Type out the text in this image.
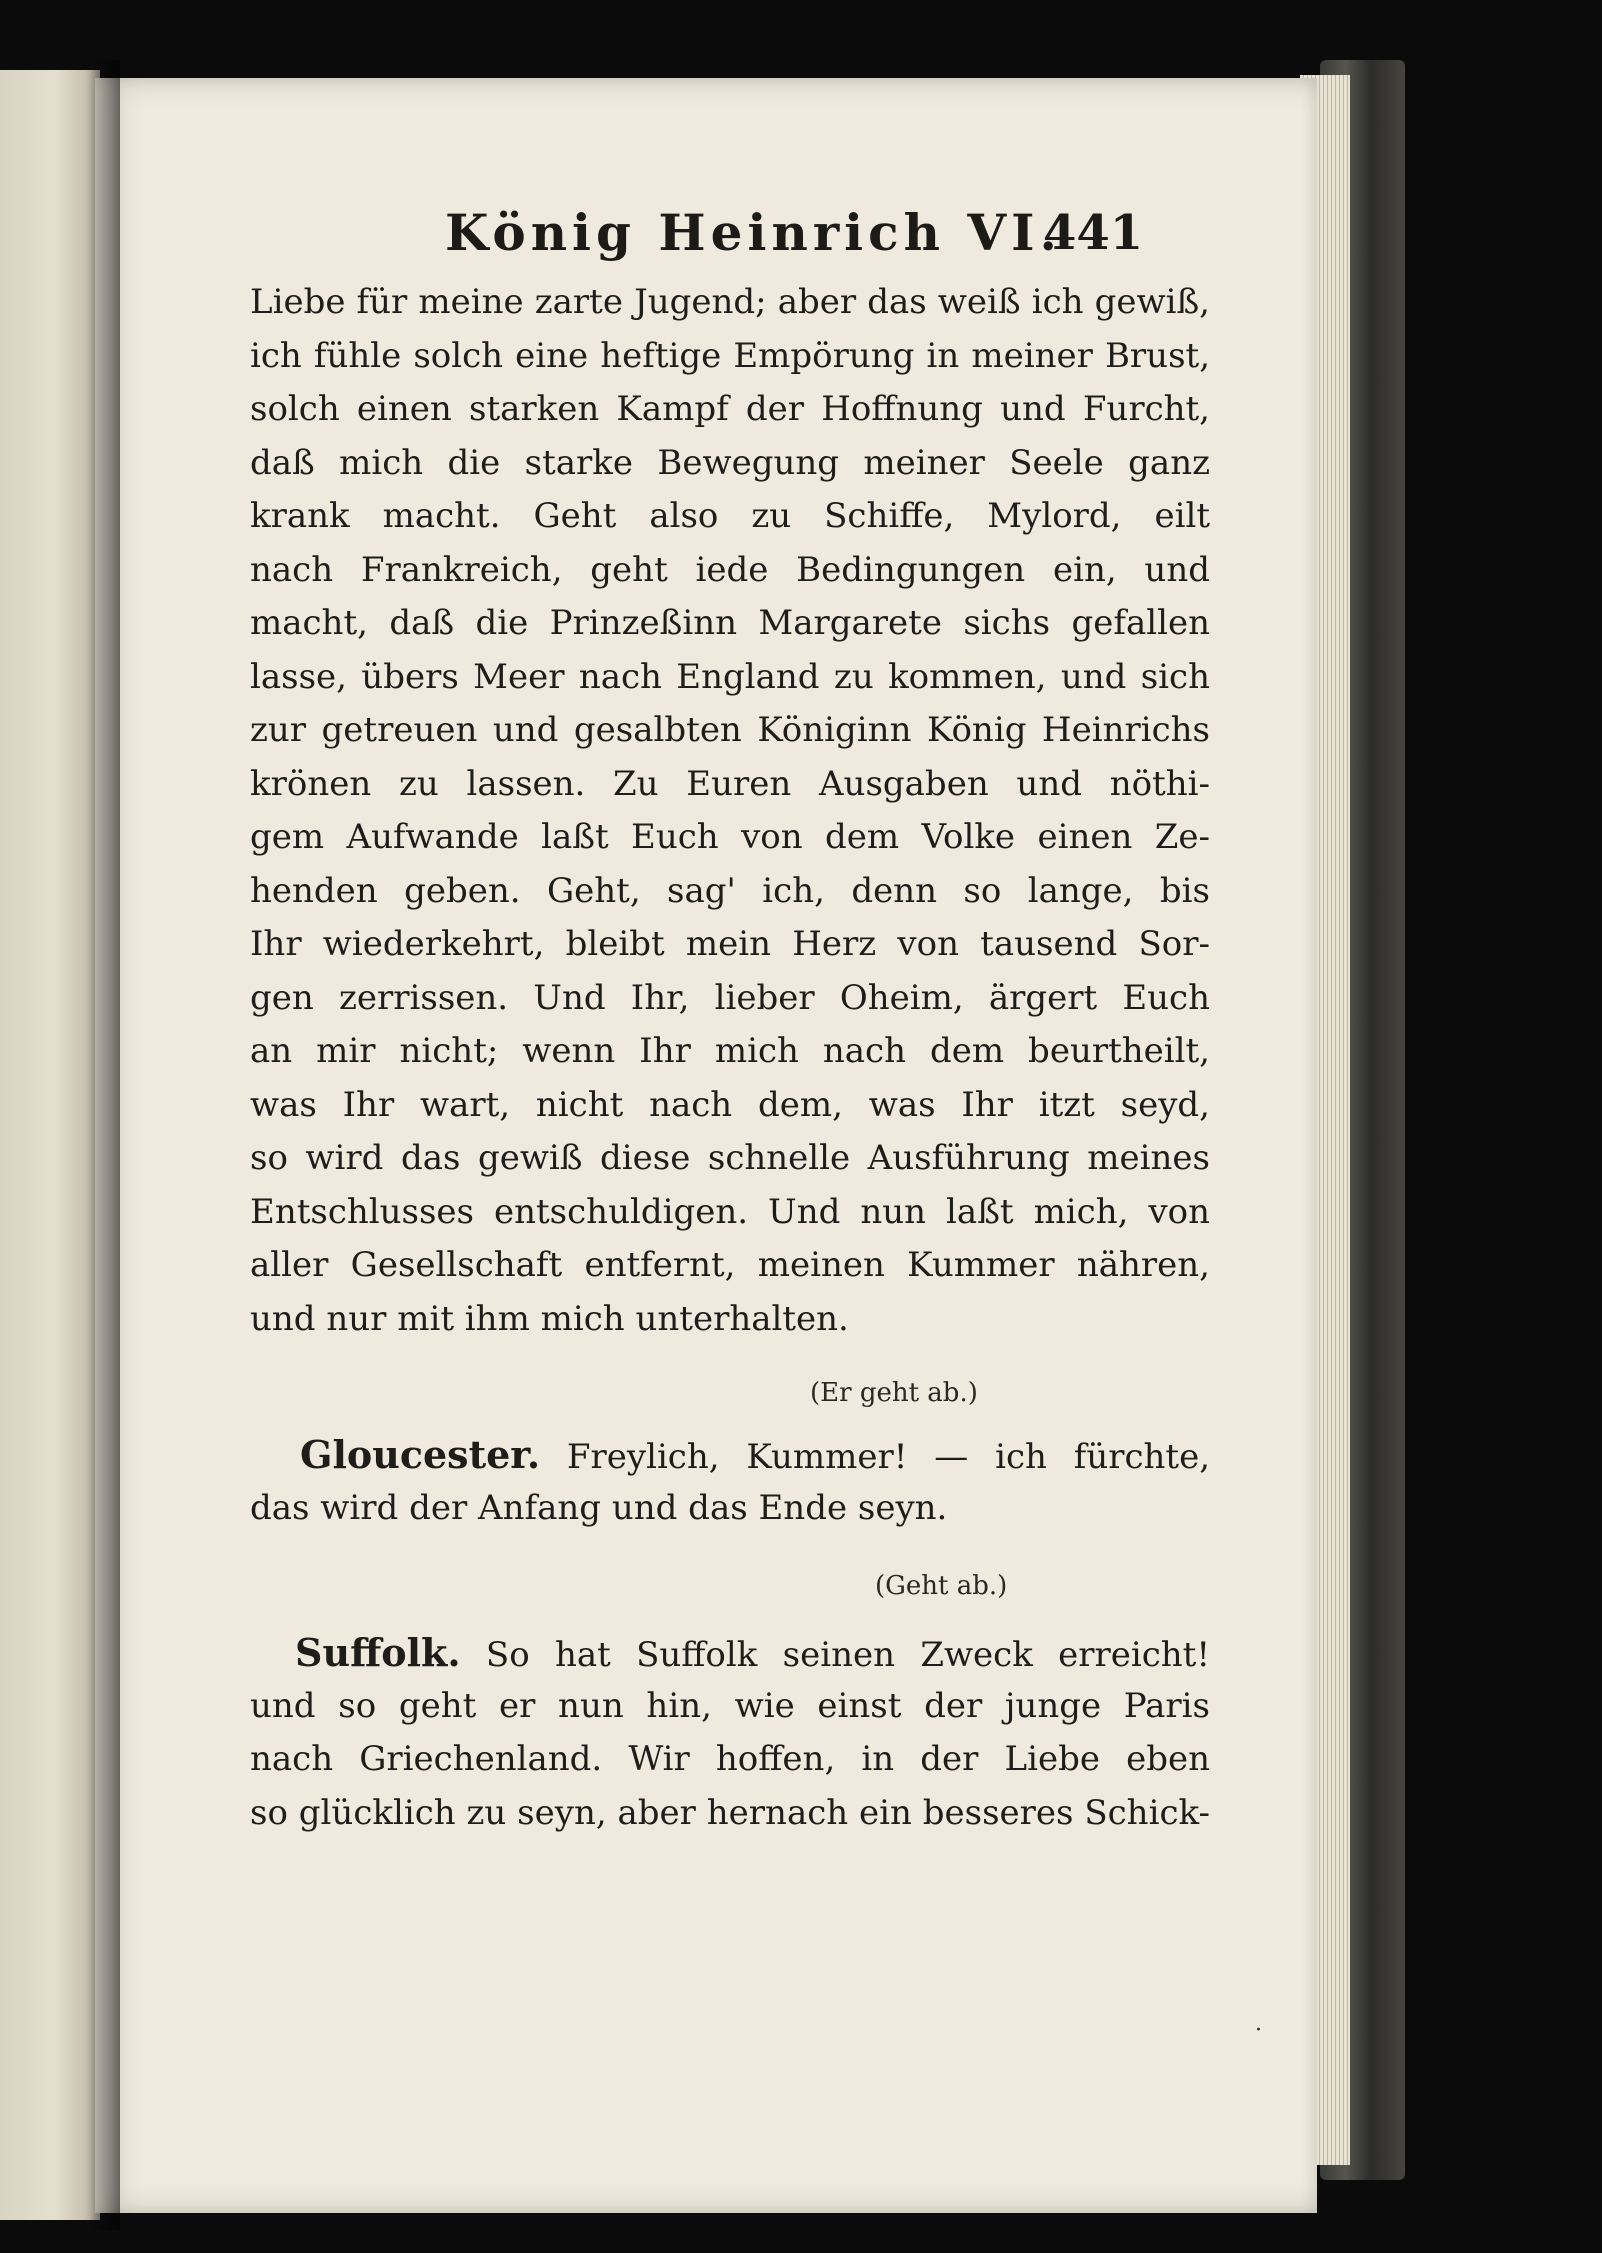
König Heinrich VI.
441
Liebe für meine zarte Jugend; aber das weiß ich gewiß,
ich fühle solch eine heftige Empörung in meiner Brust,
solch einen starken Kampf der Hoffnung und Furcht,
daß mich die starke Bewegung meiner Seele ganz
krank macht. Geht also zu Schiffe, Mylord, eilt
nach Frankreich, geht iede Bedingungen ein, und
macht, daß die Prinzeßinn Margarete sichs gefallen
lasse, übers Meer nach England zu kommen, und sich
zur getreuen und gesalbten Königinn König Heinrichs
krönen zu lassen. Zu Euren Ausgaben und nöthi-
gem Aufwande laßt Euch von dem Volke einen Ze-
henden geben. Geht, sag' ich, denn so lange, bis
Ihr wiederkehrt, bleibt mein Herz von tausend Sor-
gen zerrissen. Und Ihr, lieber Oheim, ärgert Euch
an mir nicht; wenn Ihr mich nach dem beurtheilt,
was Ihr wart, nicht nach dem, was Ihr itzt seyd,
so wird das gewiß diese schnelle Ausführung meines
Entschlusses entschuldigen. Und nun laßt mich, von
aller Gesellschaft entfernt, meinen Kummer nähren,
und nur mit ihm mich unterhalten.
(Er geht ab.)
Gloucester. Freylich, Kummer! — ich fürchte,
das wird der Anfang und das Ende seyn.
(Geht ab.)
Suffolk. So hat Suffolk seinen Zweck erreicht!
und so geht er nun hin, wie einst der junge Paris
nach Griechenland. Wir hoffen, in der Liebe eben
so glücklich zu seyn, aber hernach ein besseres Schick-
·
